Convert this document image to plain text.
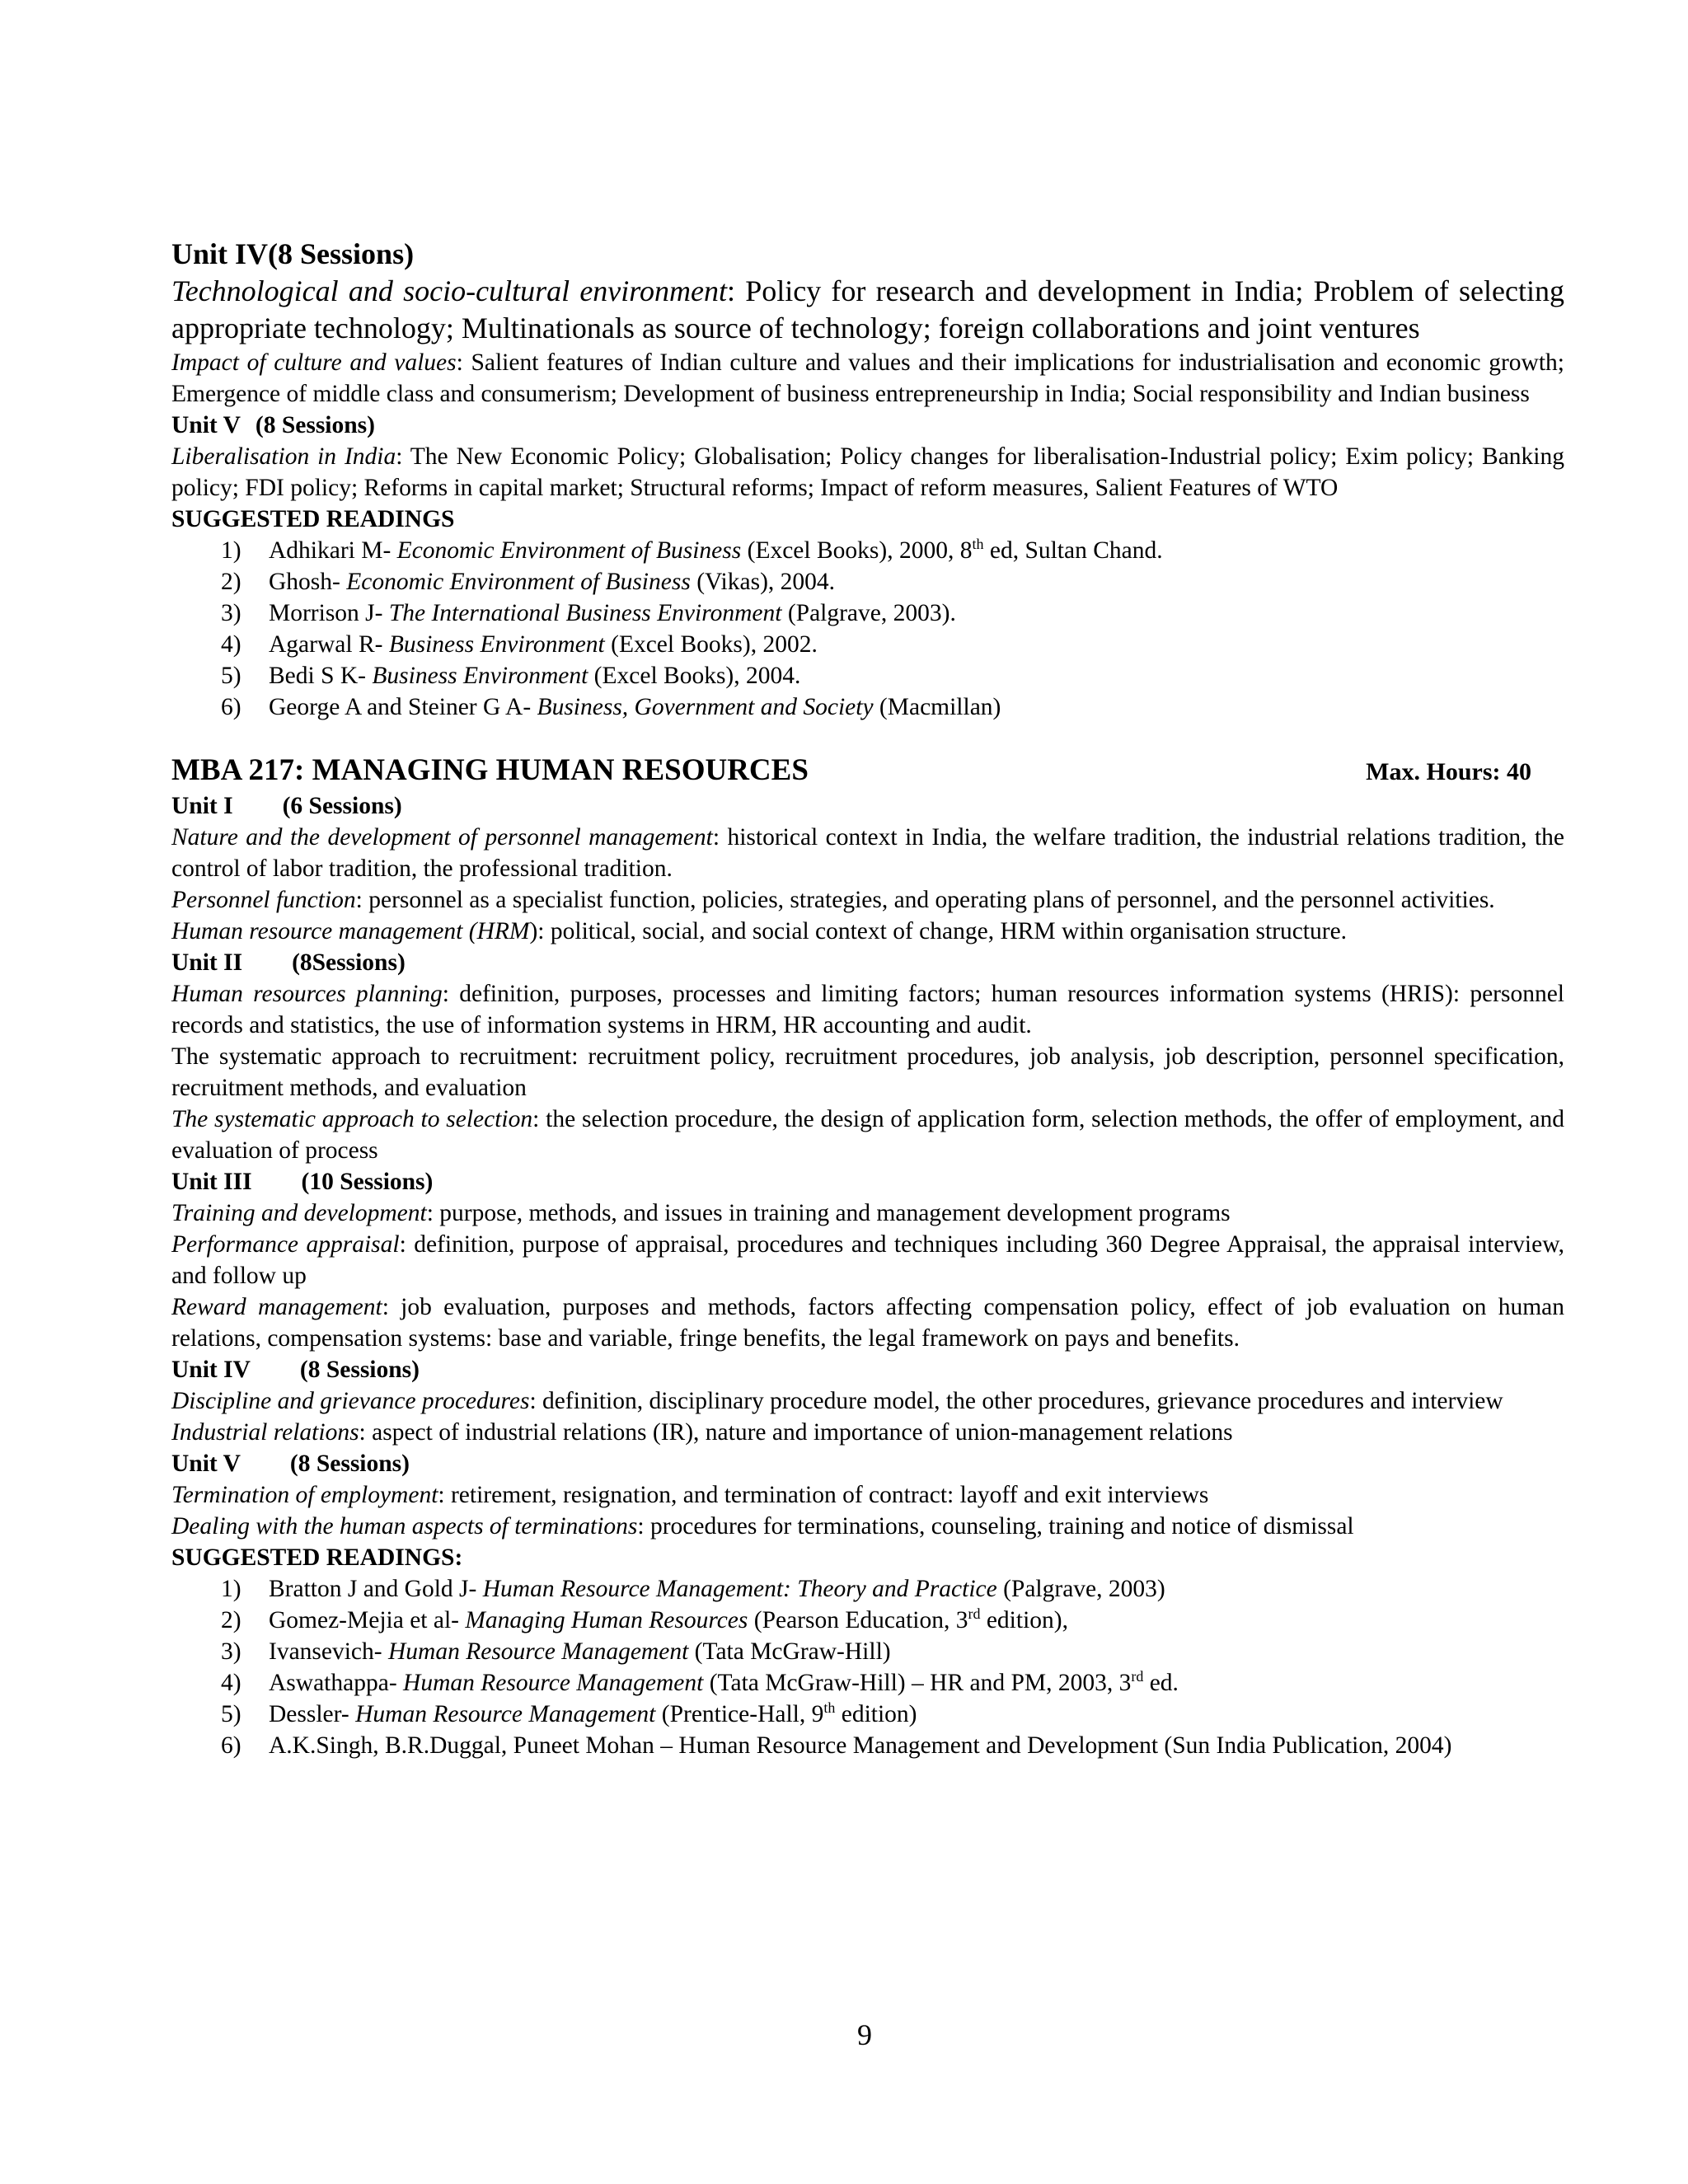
Unit IV(8 Sessions)
Technological and socio-cultural environment: Policy for research and development in India; Problem of selecting appropriate technology; Multinationals as source of technology; foreign collaborations and joint ventures
Impact of culture and values: Salient features of Indian culture and values and their implications for industrialisation and economic growth; Emergence of middle class and consumerism; Development of business entrepreneurship in India; Social responsibility and Indian business
Unit V (8 Sessions)
Liberalisation in India: The New Economic Policy; Globalisation; Policy changes for liberalisation-Industrial policy; Exim policy; Banking policy; FDI policy; Reforms in capital market; Structural reforms; Impact of reform measures, Salient Features of WTO
SUGGESTED READINGS
1) Adhikari M- Economic Environment of Business (Excel Books), 2000, 8th ed, Sultan Chand.
2) Ghosh- Economic Environment of Business (Vikas), 2004.
3) Morrison J- The International Business Environment (Palgrave, 2003).
4) Agarwal R- Business Environment (Excel Books), 2002.
5) Bedi S K- Business Environment (Excel Books), 2004.
6) George A and Steiner G A- Business, Government and Society (Macmillan)
MBA 217: MANAGING HUMAN RESOURCES	Max. Hours: 40
Unit I (6 Sessions)
Nature and the development of personnel management: historical context in India, the welfare tradition, the industrial relations tradition, the control of labor tradition, the professional tradition.
Personnel function: personnel as a specialist function, policies, strategies, and operating plans of personnel, and the personnel activities.
Human resource management (HRM): political, social, and social context of change, HRM within organisation structure.
Unit II (8Sessions)
Human resources planning: definition, purposes, processes and limiting factors; human resources information systems (HRIS): personnel records and statistics, the use of information systems in HRM, HR accounting and audit.
The systematic approach to recruitment: recruitment policy, recruitment procedures, job analysis, job description, personnel specification, recruitment methods, and evaluation
The systematic approach to selection: the selection procedure, the design of application form, selection methods, the offer of employment, and evaluation of process
Unit III (10 Sessions)
Training and development: purpose, methods, and issues in training and management development programs
Performance appraisal: definition, purpose of appraisal, procedures and techniques including 360 Degree Appraisal, the appraisal interview, and follow up
Reward management: job evaluation, purposes and methods, factors affecting compensation policy, effect of job evaluation on human relations, compensation systems: base and variable, fringe benefits, the legal framework on pays and benefits.
Unit IV (8 Sessions)
Discipline and grievance procedures: definition, disciplinary procedure model, the other procedures, grievance procedures and interview
Industrial relations: aspect of industrial relations (IR), nature and importance of union-management relations
Unit V (8 Sessions)
Termination of employment: retirement, resignation, and termination of contract: layoff and exit interviews
Dealing with the human aspects of terminations: procedures for terminations, counseling, training and notice of dismissal
SUGGESTED READINGS:
1) Bratton J and Gold J- Human Resource Management: Theory and Practice (Palgrave, 2003)
2) Gomez-Mejia et al- Managing Human Resources (Pearson Education, 3rd edition),
3) Ivansevich- Human Resource Management (Tata McGraw-Hill)
4) Aswathappa- Human Resource Management (Tata McGraw-Hill) – HR and PM, 2003, 3rd ed.
5) Dessler- Human Resource Management (Prentice-Hall, 9th edition)
6) A.K.Singh, B.R.Duggal, Puneet Mohan – Human Resource Management and Development (Sun India Publication, 2004)
9
